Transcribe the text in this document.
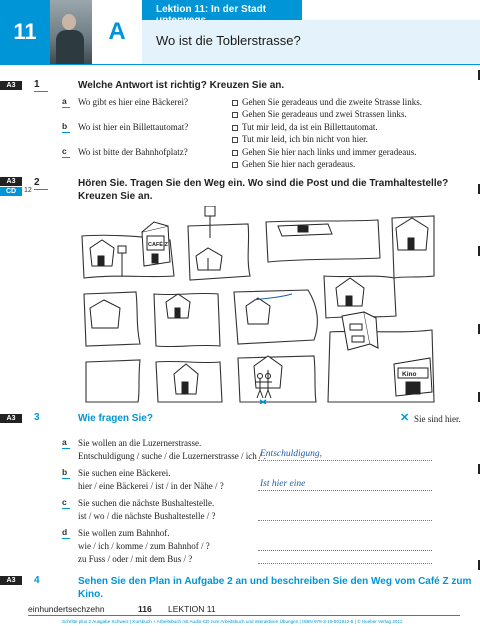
11	A
Lektion 11: In der Stadt
Wo ist die Toblerstrasse?
A3	1	Welche Antwort ist richtig? Kreuzen Sie an.
a	Wo gibt es hier eine Bäckerei?	Gehen Sie geradeaus und die zweite Strasse links.
Gehen Sie geradeaus und zwei Strassen links.
b	Wo ist hier ein Billettautomat?	Tut mir leid, da ist ein Billettautomat.
Tut mir leid, ich bin nicht von hier.
c	Wo ist bitte der Bahnhofplatz?	Gehen Sie hier nach links und immer geradeaus.
Gehen Sie hier nach geradeaus.
A3
CD	12
2	Hören Sie. Tragen Sie den Weg ein. Wo sind die Post und die Tramhaltestelle?
Kreuzen Sie an.
CAFÉ Z
Kino
A3	3	Wie fragen Sie?	✕ Sie sind hier.
a	Sie wollen an die Luzernerstrasse.
Entschuldigung / suche / die Luzernerstrasse / ich / .
Entschuldigung,
b	Sie suchen eine Bäckerei.
hier / eine Bäckerei / ist / in der Nähe / ?	Ist hier eine
c	Sie suchen die nächste Bushaltestelle.
ist / wo / die nächste Bushaltestelle / ?
d	Sie wollen zum Bahnhof.
wie / ich / komme / zum Bahnhof / ?
zu Fuss / oder / mit dem Bus / ?
A3	4	Sehen Sie den Plan in Aufgabe 2 an und beschreiben Sie den Weg vom Café Z zum Kino.
einhundertsechzehn	116 LEKTION 11
Schritte plus 2 Ausgabe Schweiz | Kursbuch + Arbeitsbuch mit Audio-CD zum Arbeitsbuch und interaktiven Übungen | ISBN 978-3-19-501912-5 | © Hueber Verlag 2011
